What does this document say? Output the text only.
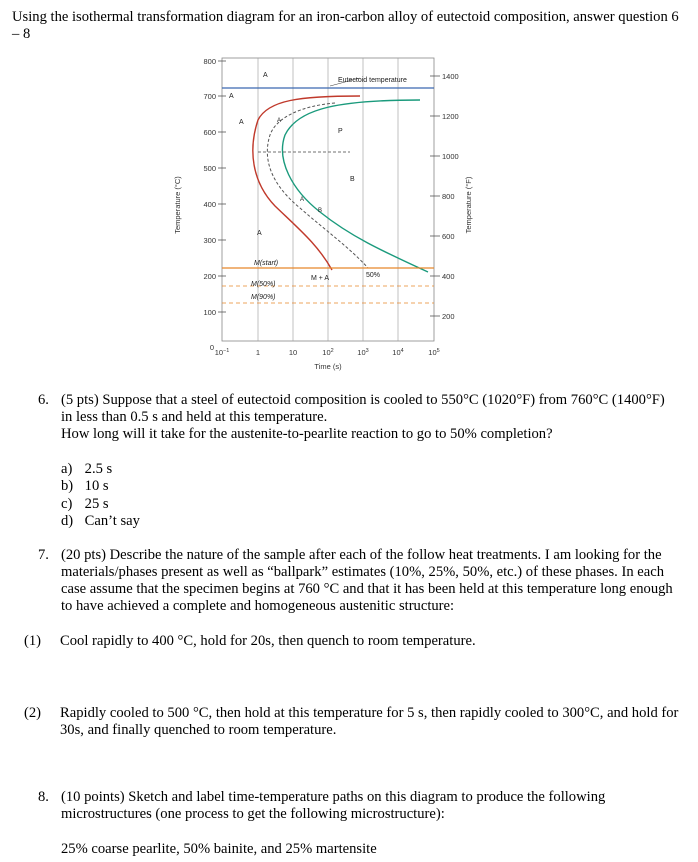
Using the isothermal transformation diagram for an iron-carbon alloy of eutectoid composition, answer question 6 – 8
800
700
600
500
400
300
200
100
0
1400
1200
1000
800
600
400
200
Temperature (°C)	Temperature (°F)
$10^{-1}$	1	10	$10^2$	$10^3$	$10^4$	$10^5$
Time (s)
Eutectoid temperature
A
A
A
A
P
A
B
A
B
M(start)
M(50%)
M(90%)
M + A	50%
6. (5 pts) Suppose that a steel of eutectoid composition is cooled to 550°C (1020°F) from 760°C (1400°F) in less than 0.5 s and held at this temperature.
How long will it take for the austenite-to-pearlite reaction to go to 50% completion?
a) 2.5 s
b) 10 s
c) 25 s
d) Can’t say
7. (20 pts) Describe the nature of the sample after each of the follow heat treatments. I am looking for the materials/phases present as well as “ballpark” estimates (10%, 25%, 50%, etc.) of these phases. In each case assume that the specimen begins at 760 °C and that it has been held at this temperature long enough to have achieved a complete and homogeneous austenitic structure:
(1) Cool rapidly to 400 °C, hold for 20s, then quench to room temperature.
(2) Rapidly cooled to 500 °C, then hold at this temperature for 5 s, then rapidly cooled to 300°C, and hold for 30s, and finally quenched to room temperature.
8. (10 points) Sketch and label time-temperature paths on this diagram to produce the following microstructures (one process to get the following microstructure):
25% coarse pearlite, 50% bainite, and 25% martensite
